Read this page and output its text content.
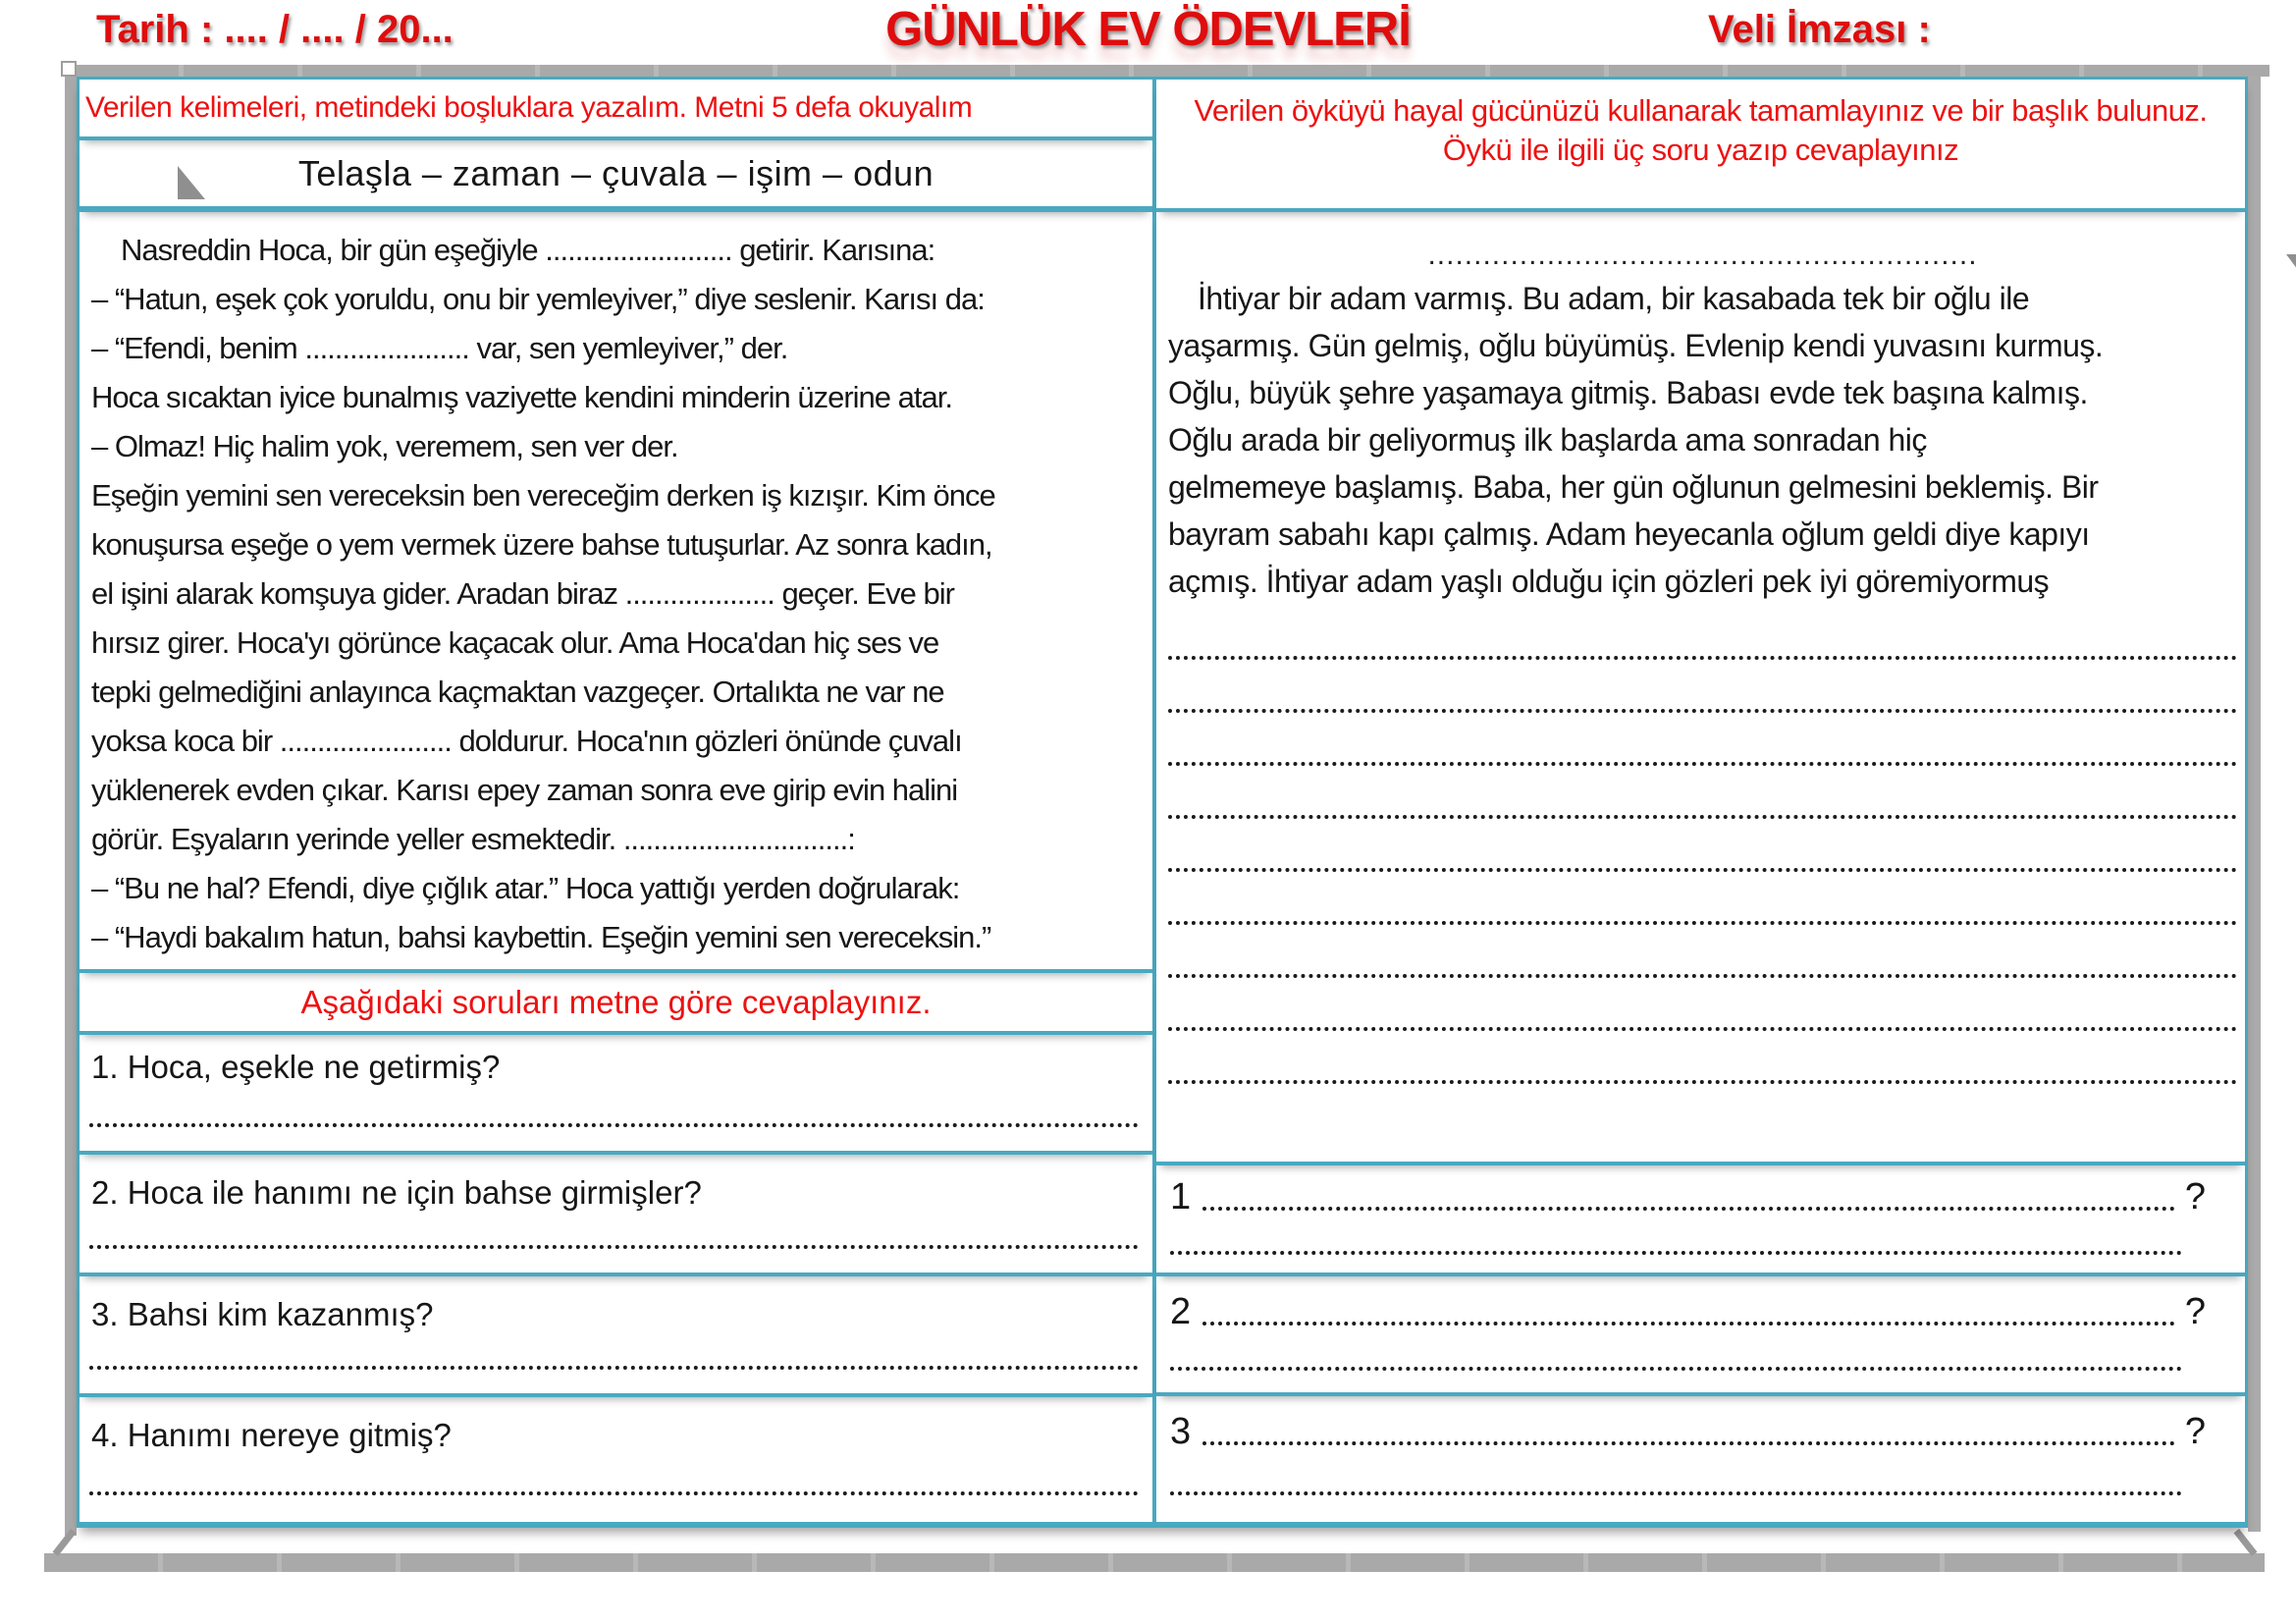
Tarih : .... / .... / 20...	GÜNLÜK EV ÖDEVLERİ	Veli İmzası :
Verilen kelimeleri, metindeki boşluklara yazalım. Metni 5 defa okuyalım
Telaşla – zaman – çuvala – işim – odun
Nasreddin Hoca, bir gün eşeğiyle ......................... getirir. Karısına:
– “Hatun, eşek çok yoruldu, onu bir yemleyiver,” diye seslenir. Karısı da:
– “Efendi, benim ...................... var, sen yemleyiver,” der.
Hoca sıcaktan iyice bunalmış vaziyette kendini minderin üzerine atar.
– Olmaz! Hiç halim yok, veremem, sen ver der.
Eşeğin yemini sen vereceksin ben vereceğim derken iş kızışır. Kim önce
konuşursa eşeğe o yem vermek üzere bahse tutuşurlar. Az sonra kadın,
el işini alarak komşuya gider. Aradan biraz .................... geçer. Eve bir
hırsız girer. Hoca'yı görünce kaçacak olur. Ama Hoca'dan hiç ses ve
tepki gelmediğini anlayınca kaçmaktan vazgeçer. Ortalıkta ne var ne
yoksa koca bir ....................... doldurur. Hoca'nın gözleri önünde çuvalı
yüklenerek evden çıkar. Karısı epey zaman sonra eve girip evin halini
görür. Eşyaların yerinde yeller esmektedir. ..............................:
– “Bu ne hal? Efendi, diye çığlık atar.” Hoca yattığı yerden doğrularak:
– “Haydi bakalım hatun, bahsi kaybettin. Eşeğin yemini sen vereceksin.”
Aşağıdaki soruları metne göre cevaplayınız.
1. Hoca, eşekle ne getirmiş?
2. Hoca ile hanımı ne için bahse girmişler?
3. Bahsi kim kazanmış?
4. Hanımı nereye gitmiş?
Verilen öyküyü hayal gücünüzü kullanarak tamamlayınız ve bir başlık bulunuz. Öykü ile ilgili üç soru yazıp cevaplayınız
............................................................
İhtiyar bir adam varmış. Bu adam, bir kasabada tek bir oğlu ile
yaşarmış. Gün gelmiş, oğlu büyümüş. Evlenip kendi yuvasını kurmuş.
Oğlu, büyük şehre yaşamaya gitmiş. Babası evde tek başına kalmış.
Oğlu arada bir geliyormuş ilk başlarda ama sonradan hiç
gelmemeye başlamış. Baba, her gün oğlunun gelmesini beklemiş. Bir
bayram sabahı kapı çalmış. Adam heyecanla oğlum geldi diye kapıyı
açmış. İhtiyar adam yaşlı olduğu için gözleri pek iyi göremiyormuş
1	?
2	?
3	?
